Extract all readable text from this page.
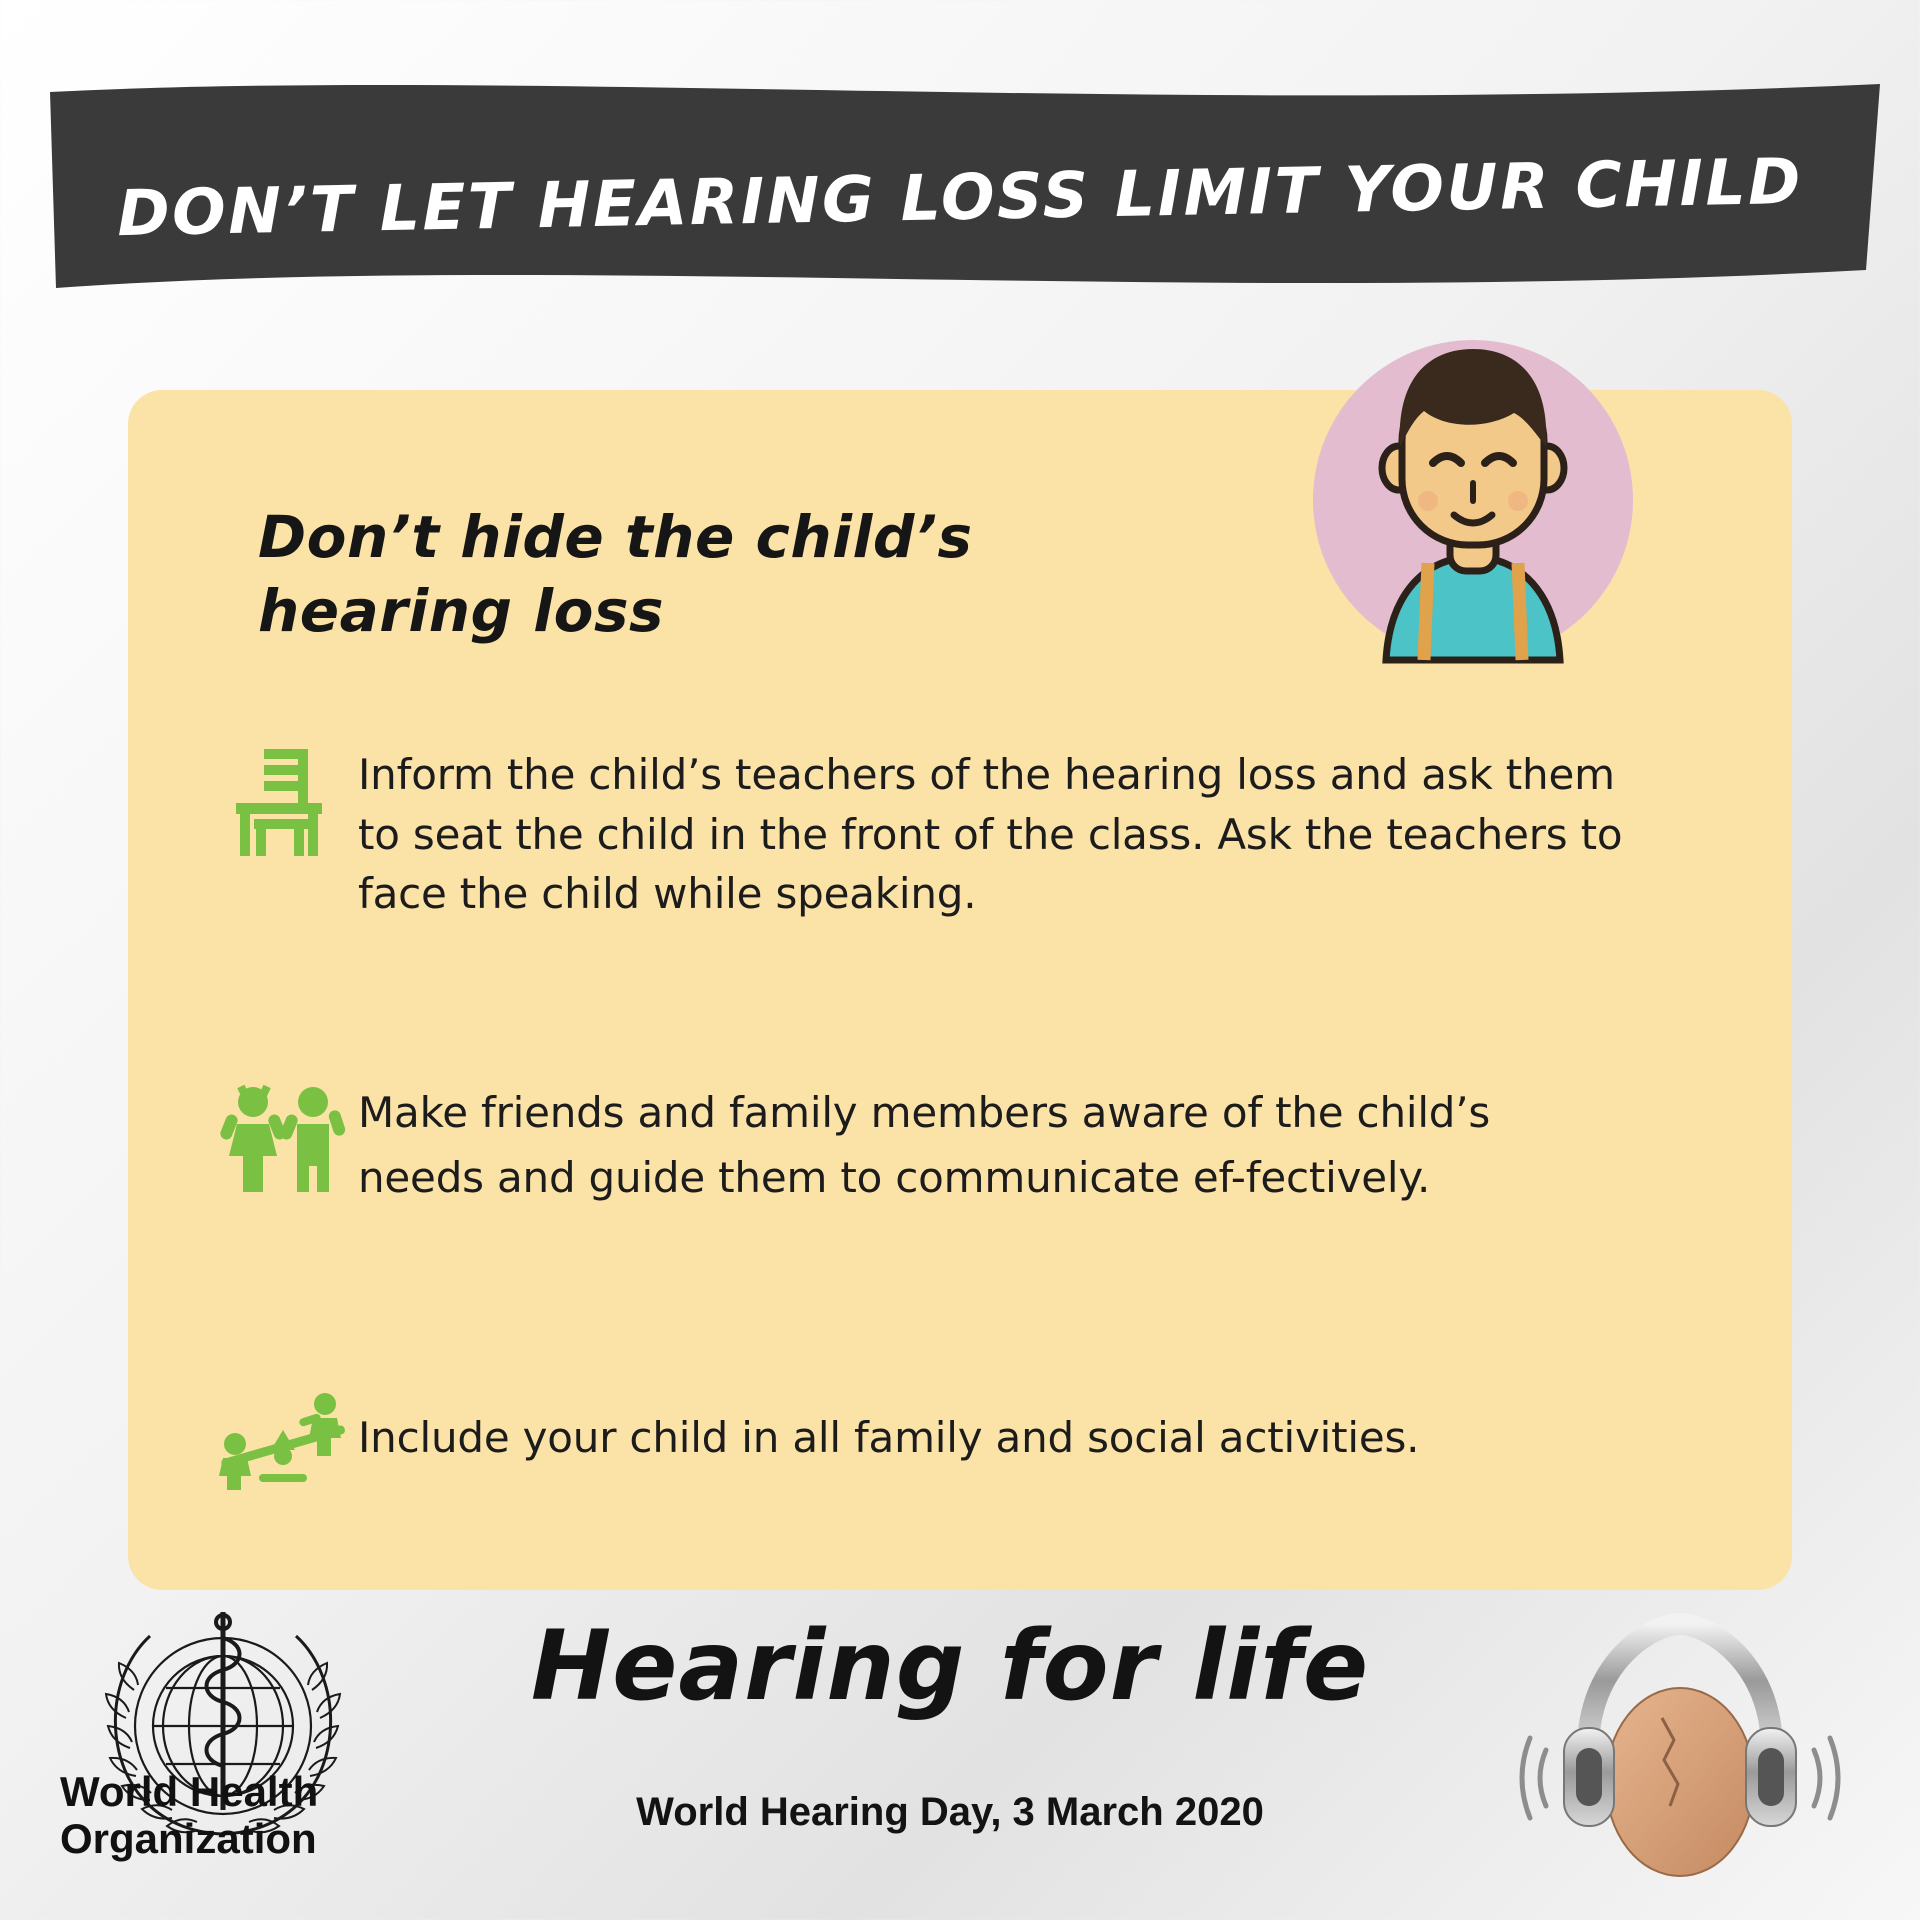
DON’T LET HEARING LOSS LIMIT YOUR CHILD
Don’t hide the child’s hearing loss
Inform the child’s teachers of the hearing loss and ask them to seat the child in the front of the class. Ask the teachers to face the child while speaking.
Make friends and family members aware of the child’s needs and guide them to communicate ef-fectively.
Include your child in all family and social activities.
World Health
Organization
Hearing for life
World Hearing Day, 3 March 2020
